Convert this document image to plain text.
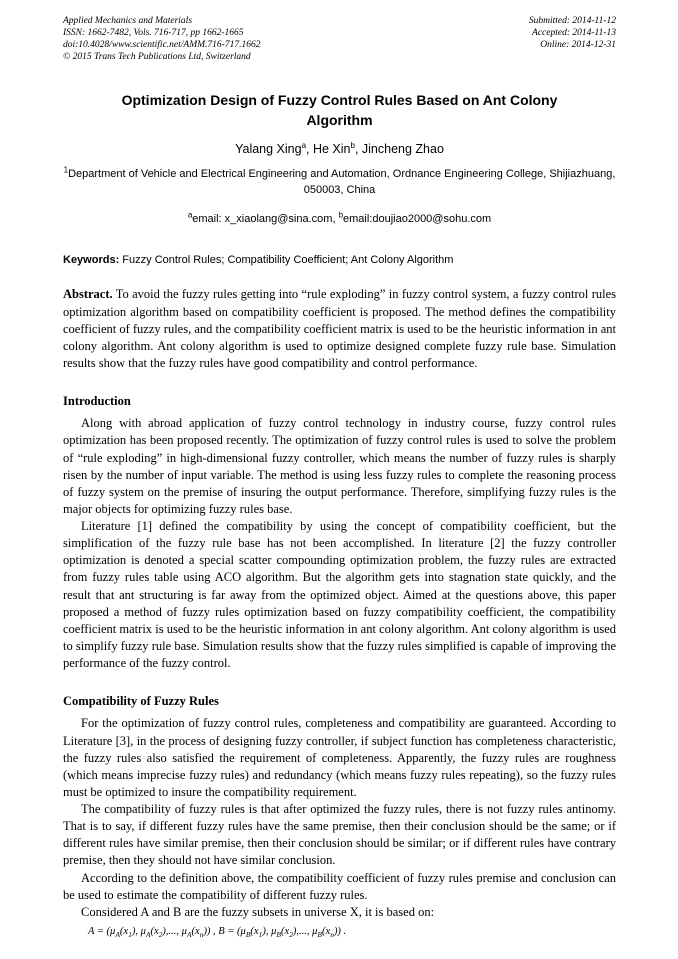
Applied Mechanics and Materials
ISSN: 1662-7482, Vols. 716-717, pp 1662-1665
doi:10.4028/www.scientific.net/AMM.716-717.1662
© 2015 Trans Tech Publications Ltd, Switzerland
Submitted: 2014-11-12
Accepted: 2014-11-13
Online: 2014-12-31
Optimization Design of Fuzzy Control Rules Based on Ant Colony Algorithm
Yalang Xing$^a$, He Xin$^b$, Jincheng Zhao
$^1$Department of Vehicle and Electrical Engineering and Automation, Ordnance Engineering College, Shijiazhuang, 050003, China
$^a$email: x_xiaolang@sina.com, $^b$email:doujiao2000@sohu.com

Keywords: Fuzzy Control Rules; Compatibility Coefficient; Ant Colony Algorithm

Abstract. To avoid the fuzzy rules getting into “rule exploding” in fuzzy control system, a fuzzy control rules optimization algorithm based on compatibility coefficient is proposed. The method defines the compatibility coefficient of fuzzy rules, and the compatibility coefficient matrix is used to be the heuristic information in ant colony algorithm. Ant colony algorithm is used to optimize designed complete fuzzy rule base. Simulation results show that the fuzzy rules have good compatibility and control performance.

Introduction

Along with abroad application of fuzzy control technology in industry course, fuzzy control rules optimization has been proposed recently. The optimization of fuzzy control rules is used to solve the problem of “rule exploding” in high-dimensional fuzzy controller, which means the number of fuzzy rules is sharply risen by the number of input variable. The method is using less fuzzy rules to complete the reasoning process of fuzzy system on the premise of insuring the output performance. Therefore, simplifying fuzzy rules is the major objects for optimizing fuzzy rules base.

Literature [1] defined the compatibility by using the concept of compatibility coefficient, but the simplification of the fuzzy rule base has not been accomplished. In literature [2] the fuzzy controller optimization is denoted a special scatter compounding optimization problem, the fuzzy rules are extracted from fuzzy rules table using ACO algorithm. But the algorithm gets into stagnation state quickly, and the result that ant structuring is far away from the optimized object. Aimed at the questions above, this paper proposed a method of fuzzy rules optimization based on fuzzy compatibility coefficient, the compatibility coefficient matrix is used to be the heuristic information in ant colony algorithm. Ant colony algorithm is used to simplify fuzzy rule base. Simulation results show that the fuzzy rules simplified is capable of improving the performance of the fuzzy control.

Compatibility of Fuzzy Rules

For the optimization of fuzzy control rules, completeness and compatibility are guaranteed. According to Literature [3], in the process of designing fuzzy controller, if subject function has completeness characteristic, the fuzzy rules also satisfied the requirement of completeness. Apparently, the fuzzy rules are roughness (which means imprecise fuzzy rules) and redundancy (which means fuzzy rules repeating), so the fuzzy rules must be optimized to insure the compatibility requirement.

The compatibility of fuzzy rules is that after optimized the fuzzy rules, there is not fuzzy rules antinomy. That is to say, if different fuzzy rules have the same premise, then their conclusion should be the same; or if different rules have similar premise, then their conclusion should be similar; or if different rules have contrary premise, then they should not have similar conclusion.

According to the definition above, the compatibility coefficient of fuzzy rules premise and conclusion can be used to estimate the compatibility of different fuzzy rules.

Considered A and B are the fuzzy subsets in universe X, it is based on:

$A = (\mu_A(x_1)$, $\mu_A(x_2)$,..., $\mu_A(x_n)$) , $B = (\mu_B(x_1)$, $\mu_B(x_2)$,..., $\mu_B(x_n)$) .
